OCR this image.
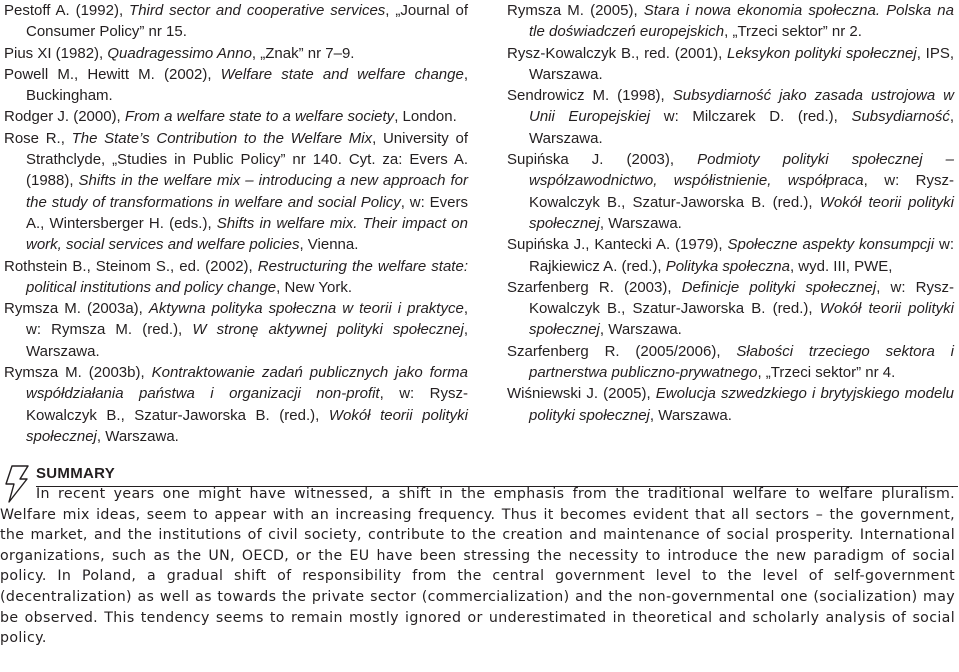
Pestoff A. (1992), Third sector and cooperative services, „Journal of Consumer Policy” nr 15.

Pius XI (1982), Quadragessimo Anno, „Znak” nr 7–9.

Powell M., Hewitt M. (2002), Welfare state and welfare change, Buckingham.

Rodger J. (2000), From a welfare state to a welfare society, London.

Rose R., The State’s Contribution to the Welfare Mix, University of Strathclyde, „Studies in Public Policy” nr 140. Cyt. za: Evers A. (1988), Shifts in the welfare mix – introducing a new approach for the study of transformations in welfare and social Policy, w: Evers A., Wintersberger H. (eds.), Shifts in welfare mix. Their impact on work, social services and welfare policies, Vienna.

Rothstein B., Steinom S., ed. (2002), Restructuring the welfare state: political institutions and policy change, New York.

Rymsza M. (2003a), Aktywna polityka społeczna w teorii i praktyce, w: Rymsza M. (red.), W stronę aktywnej polityki społecznej, Warszawa.

Rymsza M. (2003b), Kontraktowanie zadań publicznych jako forma współdziałania państwa i organizacji non-profit, w: Rysz-Kowalczyk B., Szatur-Jaworska B. (red.), Wokół teorii polityki społecznej, Warszawa.

Rymsza M. (2005), Stara i nowa ekonomia społeczna. Polska na tle doświadczeń europejskich, „Trzeci sektor” nr 2.

Rysz-Kowalczyk B., red. (2001), Leksykon polityki społecznej, IPS, Warszawa.

Sendrowicz M. (1998), Subsydiarność jako zasada ustrojowa w Unii Europejskiej w: Milczarek D. (red.), Subsydiarność, Warszawa.

Supińska J. (2003), Podmioty polityki społecznej – współzawodnictwo, współistnienie, współpraca, w: Rysz-Kowalczyk B., Szatur-Jaworska B. (red.), Wokół teorii polityki społecznej, Warszawa.

Supińska J., Kantecki A. (1979), Społeczne aspekty konsumpcji w: Rajkiewicz A. (red.), Polityka społeczna, wyd. III, PWE,

Szarfenberg R. (2003), Definicje polityki społecznej, w: Rysz-Kowalczyk B., Szatur-Jaworska B. (red.), Wokół teorii polityki społecznej, Warszawa.

Szarfenberg R. (2005/2006), Słabości trzeciego sektora i partnerstwa publiczno-prywatnego, „Trzeci sektor” nr 4.

Wiśniewski J. (2005), Ewolucja szwedzkiego i brytyjskiego modelu polityki społecznej, Warszawa.

SUMMARY

In recent years one might have witnessed, a shift in the emphasis from the traditional welfare to welfare pluralism. Welfare mix ideas, seem to appear with an increasing frequency. Thus it becomes evident that all sectors – the government, the market, and the institutions of civil society, contribute to the creation and maintenance of social prosperity. International organizations, such as the UN, OECD, or the EU have been stressing the necessity to introduce the new paradigm of social policy. In Poland, a gradual shift of responsibility from the central government level to the level of self-government (decentralization) as well as towards the private sector (commercialization) and the non-governmental one (socialization) may be observed. This tendency seems to remain mostly ignored or underestimated in theoretical and scholarly analysis of social policy.
